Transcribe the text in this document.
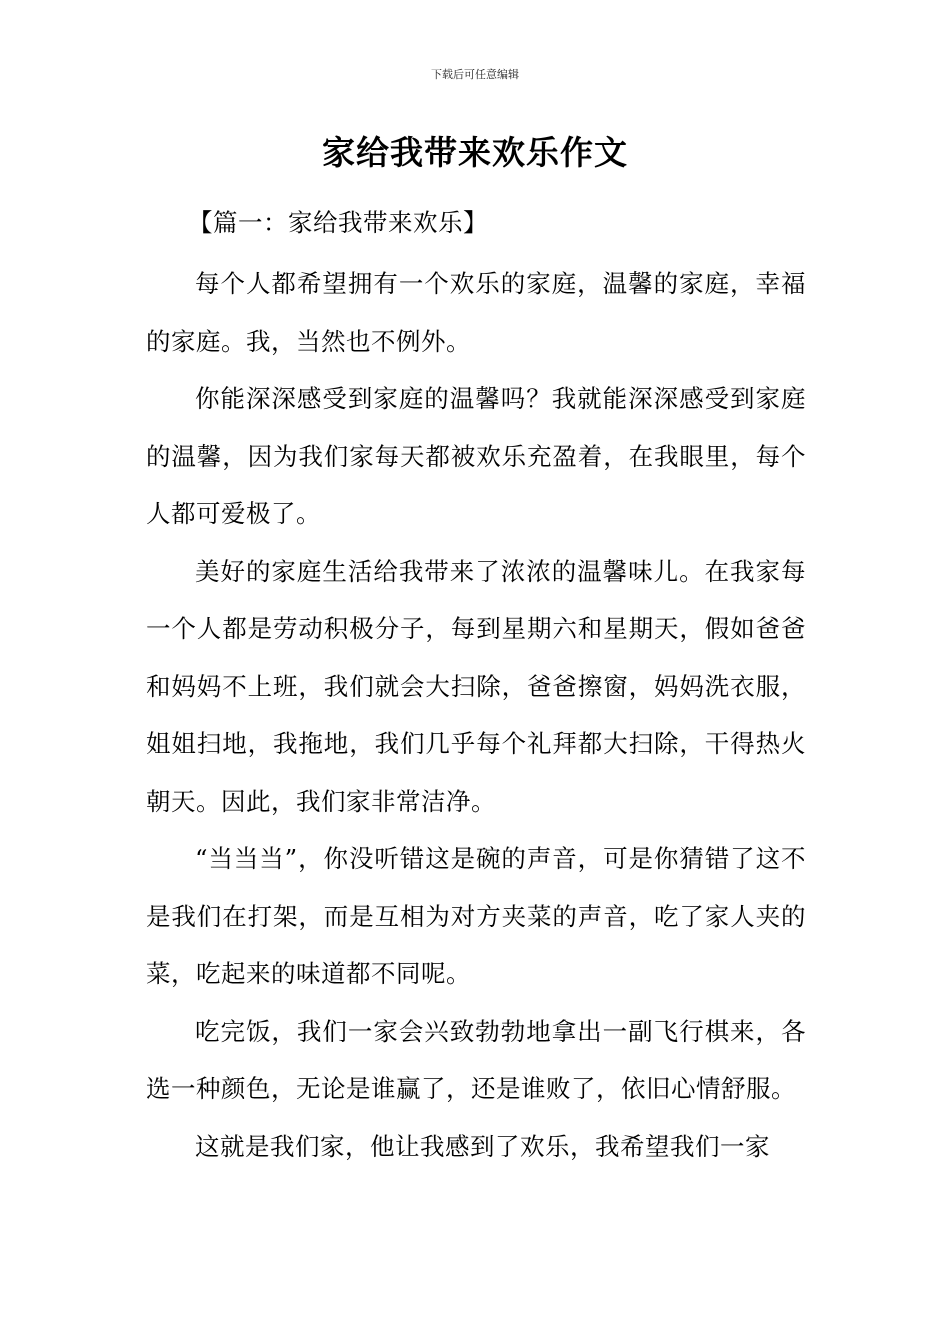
下载后可任意编辑
家给我带来欢乐作文

【篇一：家给我带来欢乐】

每个人都希望拥有一个欢乐的家庭，温馨的家庭，幸福的家庭。我，当然也不例外。

你能深深感受到家庭的温馨吗？我就能深深感受到家庭的温馨，因为我们家每天都被欢乐充盈着，在我眼里，每个人都可爱极了。

美好的家庭生活给我带来了浓浓的温馨味儿。在我家每一个人都是劳动积极分子，每到星期六和星期天，假如爸爸和妈妈不上班，我们就会大扫除，爸爸擦窗，妈妈洗衣服，姐姐扫地，我拖地，我们几乎每个礼拜都大扫除，干得热火朝天。因此，我们家非常洁净。

“当当当”，你没听错这是碗的声音，可是你猜错了这不是我们在打架，而是互相为对方夹菜的声音，吃了家人夹的菜，吃起来的味道都不同呢。

吃完饭，我们一家会兴致勃勃地拿出一副飞行棋来，各选一种颜色，无论是谁赢了，还是谁败了，依旧心情舒服。

这就是我们家，他让我感到了欢乐，我希望我们一家
